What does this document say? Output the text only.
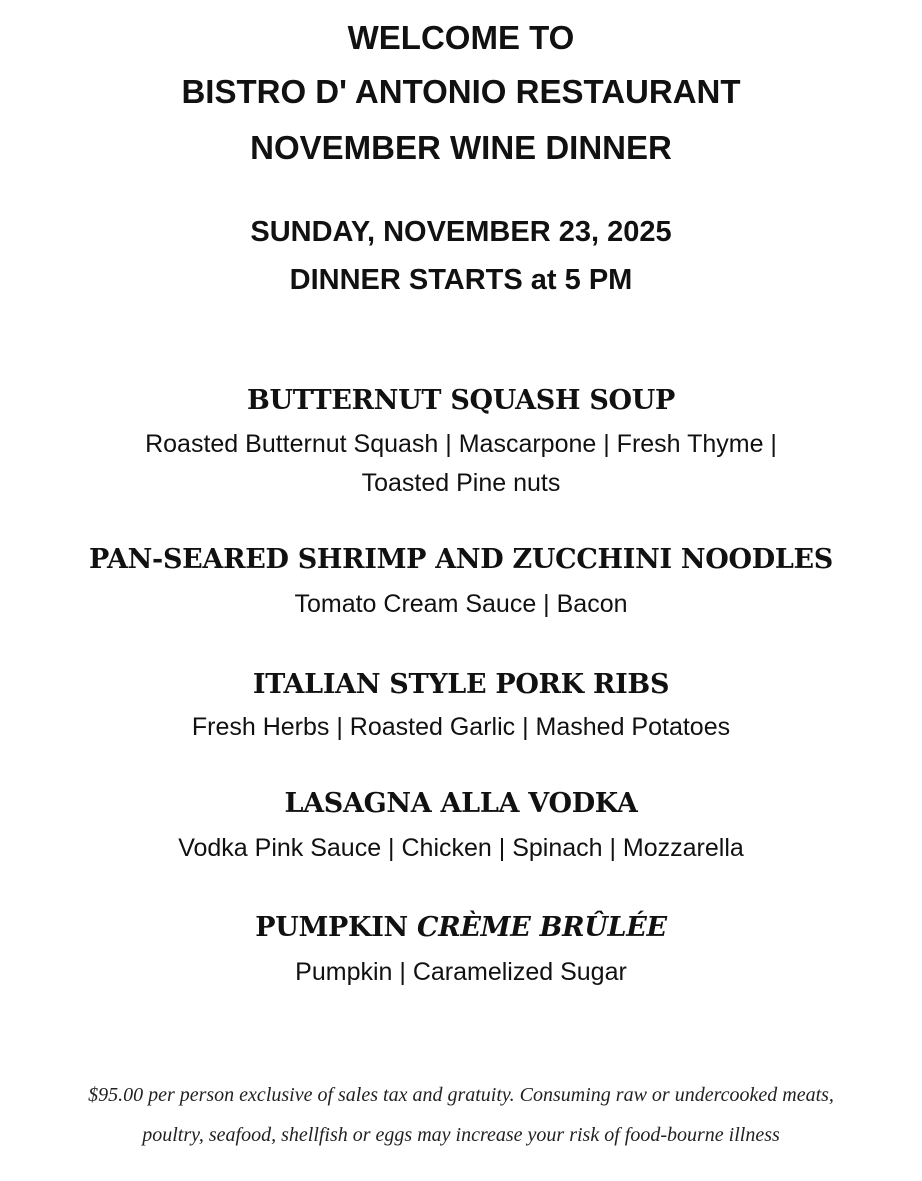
WELCOME TO
BISTRO D' ANTONIO RESTAURANT
NOVEMBER WINE DINNER
SUNDAY, NOVEMBER 23, 2025
DINNER STARTS at 5 PM
BUTTERNUT SQUASH SOUP
Roasted Butternut Squash | Mascarpone | Fresh Thyme |
Toasted Pine nuts
PAN-SEARED SHRIMP AND ZUCCHINI NOODLES
Tomato Cream Sauce | Bacon
ITALIAN STYLE PORK RIBS
Fresh Herbs | Roasted Garlic | Mashed Potatoes
LASAGNA ALLA VODKA
Vodka Pink Sauce | Chicken | Spinach | Mozzarella
PUMPKIN CRÈME BRÛLÉE
Pumpkin | Caramelized Sugar
$95.00 per person exclusive of sales tax and gratuity. Consuming raw or undercooked meats,
poultry, seafood, shellfish or eggs may increase your risk of food-bourne illness
